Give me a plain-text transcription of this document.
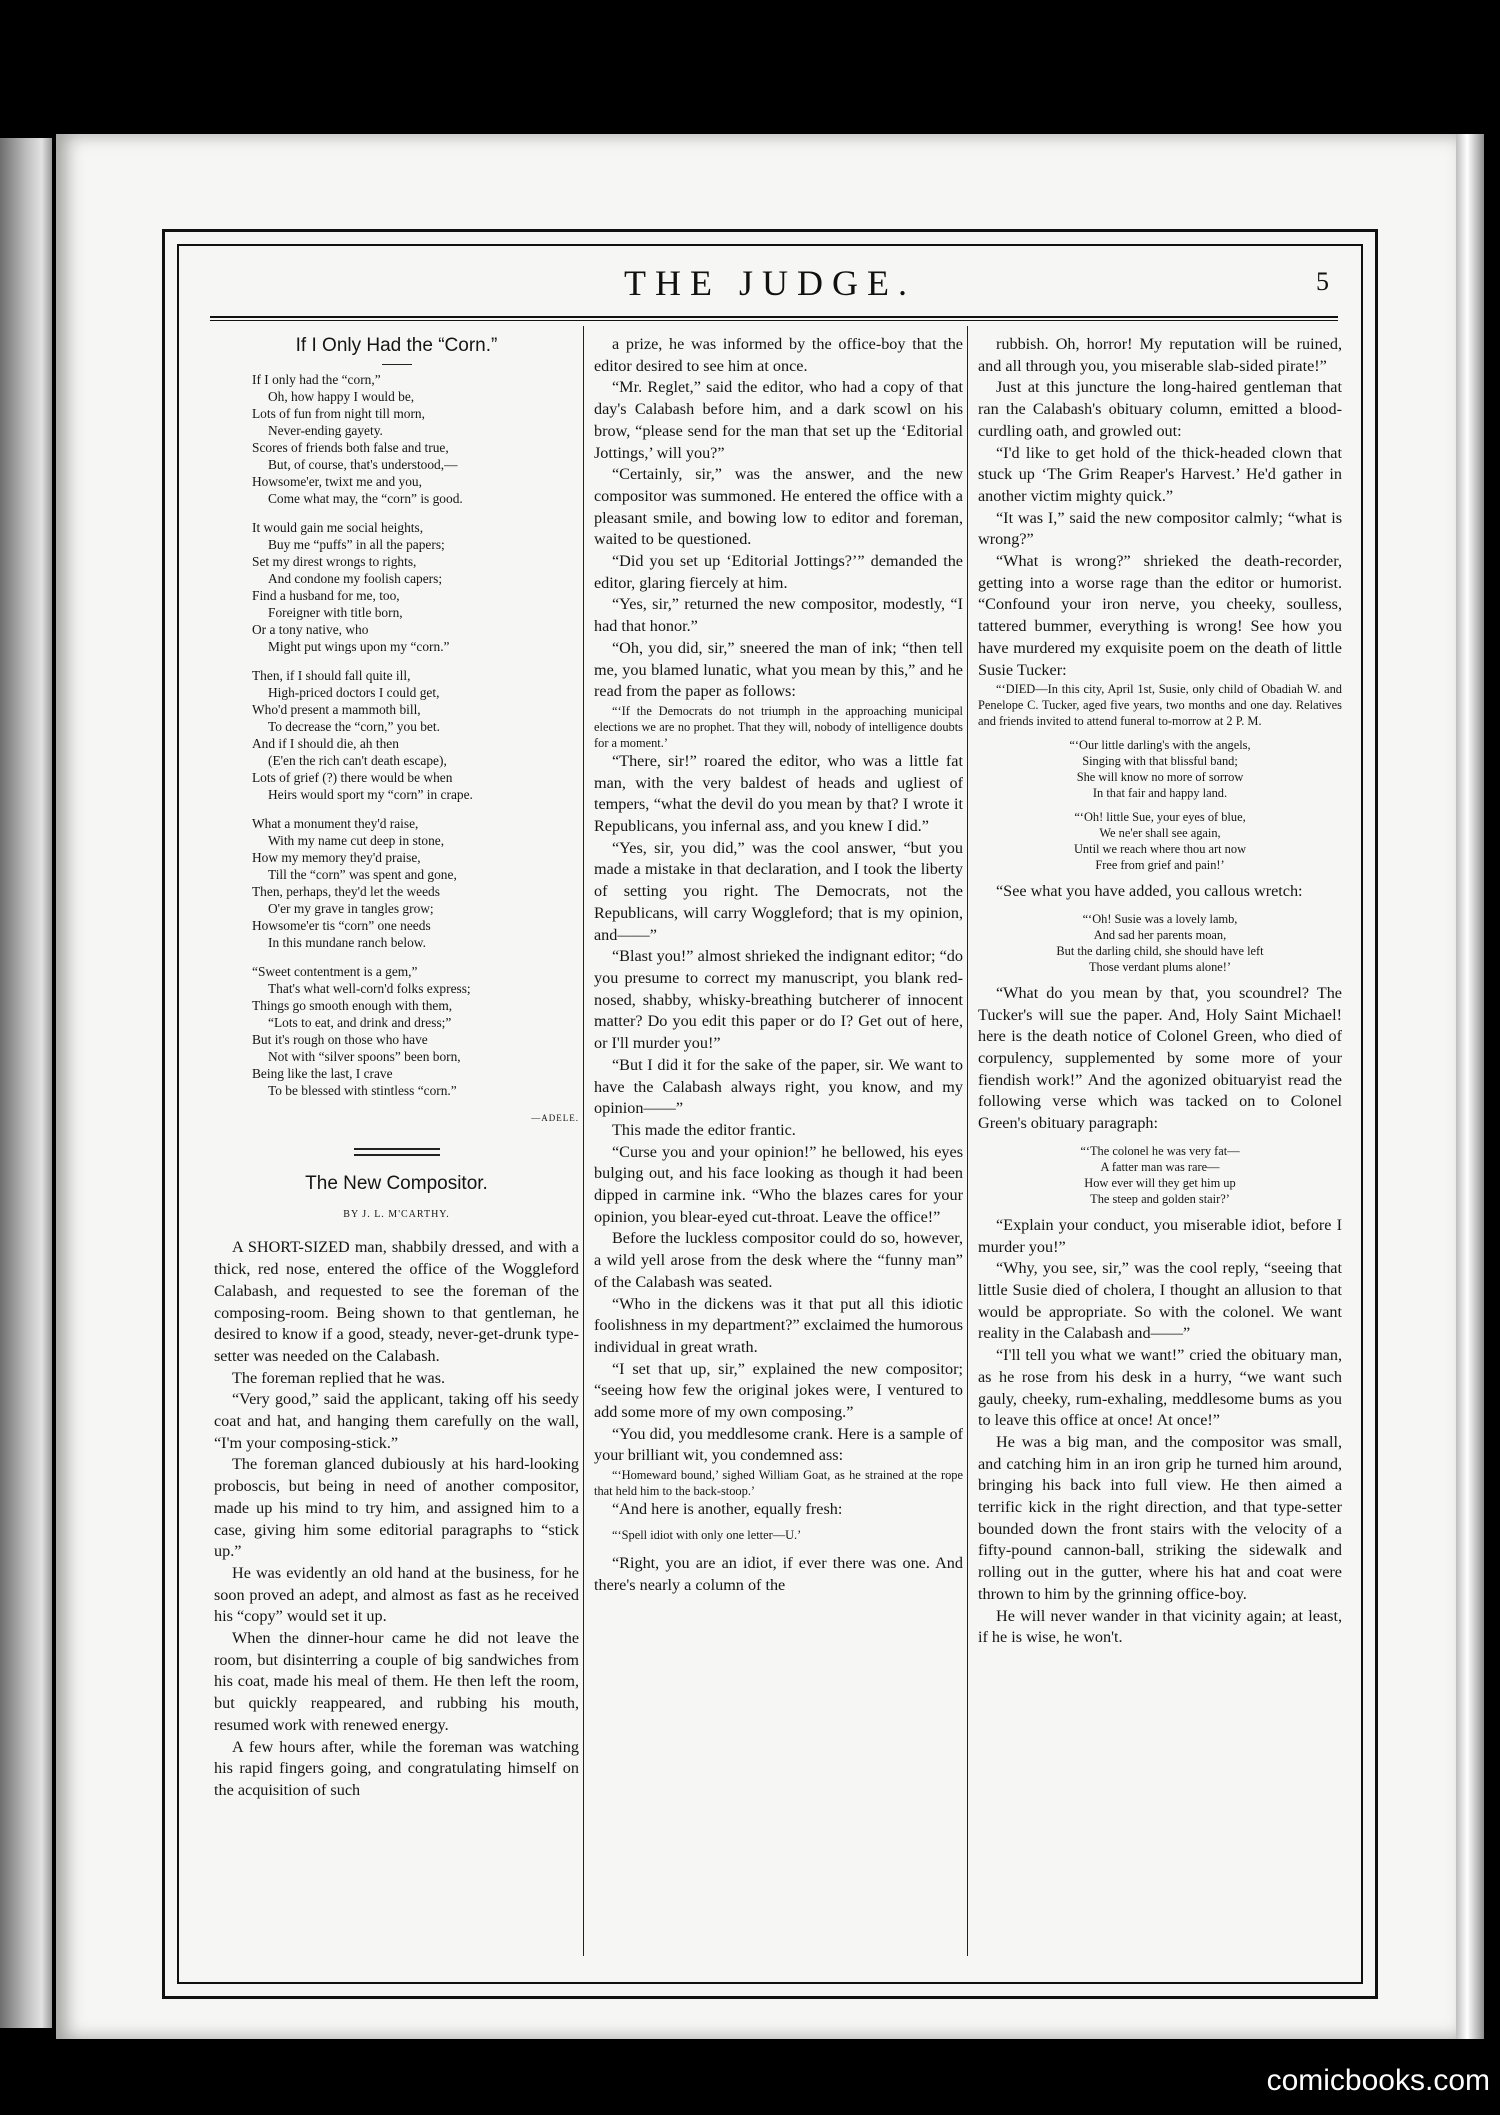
THE JUDGE.	5
If I Only Had the “Corn.”
If I only had the “corn,”
Oh, how happy I would be,
Lots of fun from night till morn,
Never-ending gayety.
Scores of friends both false and true,
But, of course, that's understood,—
Howsome'er, twixt me and you,
Come what may, the “corn” is good.
It would gain me social heights,
Buy me “puffs” in all the papers;
Set my direst wrongs to rights,
And condone my foolish capers;
Find a husband for me, too,
Foreigner with title born,
Or a tony native, who
Might put wings upon my “corn.”
Then, if I should fall quite ill,
High-priced doctors I could get,
Who'd present a mammoth bill,
To decrease the “corn,” you bet.
And if I should die, ah then
(E'en the rich can't death escape),
Lots of grief (?) there would be when
Heirs would sport my “corn” in crape.
What a monument they'd raise,
With my name cut deep in stone,
How my memory they'd praise,
Till the “corn” was spent and gone,
Then, perhaps, they'd let the weeds
O'er my grave in tangles grow;
Howsome'er tis “corn” one needs
In this mundane ranch below.
“Sweet contentment is a gem,”
That's what well-corn'd folks express;
Things go smooth enough with them,
“Lots to eat, and drink and dress;”
But it's rough on those who have
Not with “silver spoons” been born,
Being like the last, I crave
To be blessed with stintless “corn.”
—ADELE.
The New Compositor.
BY J. L. M'CARTHY.

A SHORT-SIZED man, shabbily dressed, and with a thick, red nose, entered the office of the Woggleford Calabash, and requested to see the foreman of the composing-room. Being shown to that gentleman, he desired to know if a good, steady, never-get-drunk type-setter was needed on the Calabash.

The foreman replied that he was.

“Very good,” said the applicant, taking off his seedy coat and hat, and hanging them carefully on the wall, “I'm your composing-stick.”

The foreman glanced dubiously at his hard-looking proboscis, but being in need of another compositor, made up his mind to try him, and assigned him to a case, giving him some editorial paragraphs to “stick up.”

He was evidently an old hand at the business, for he soon proved an adept, and almost as fast as he received his “copy” would set it up.

When the dinner-hour came he did not leave the room, but disinterring a couple of big sandwiches from his coat, made his meal of them. He then left the room, but quickly reappeared, and rubbing his mouth, resumed work with renewed energy.

A few hours after, while the foreman was watching his rapid fingers going, and congratulating himself on the acquisition of such

a prize, he was informed by the office-boy that the editor desired to see him at once.

“Mr. Reglet,” said the editor, who had a copy of that day's Calabash before him, and a dark scowl on his brow, “please send for the man that set up the ‘Editorial Jottings,’ will you?”

“Certainly, sir,” was the answer, and the new compositor was summoned. He entered the office with a pleasant smile, and bowing low to editor and foreman, waited to be questioned.

“Did you set up ‘Editorial Jottings?’” demanded the editor, glaring fiercely at him.

“Yes, sir,” returned the new compositor, modestly, “I had that honor.”

“Oh, you did, sir,” sneered the man of ink; “then tell me, you blamed lunatic, what you mean by this,” and he read from the paper as follows:

“‘If the Democrats do not triumph in the approaching municipal elections we are no prophet. That they will, nobody of intelligence doubts for a moment.’

“There, sir!” roared the editor, who was a little fat man, with the very baldest of heads and ugliest of tempers, “what the devil do you mean by that? I wrote it Republicans, you infernal ass, and you knew I did.”

“Yes, sir, you did,” was the cool answer, “but you made a mistake in that declaration, and I took the liberty of setting you right. The Democrats, not the Republicans, will carry Woggleford; that is my opinion, and——”

“Blast you!” almost shrieked the indignant editor; “do you presume to correct my manuscript, you blank red-nosed, shabby, whisky-breathing butcherer of innocent matter? Do you edit this paper or do I? Get out of here, or I'll murder you!”

“But I did it for the sake of the paper, sir. We want to have the Calabash always right, you know, and my opinion——”

This made the editor frantic.

“Curse you and your opinion!” he bellowed, his eyes bulging out, and his face looking as though it had been dipped in carmine ink. “Who the blazes cares for your opinion, you blear-eyed cut-throat. Leave the office!”

Before the luckless compositor could do so, however, a wild yell arose from the desk where the “funny man” of the Calabash was seated.

“Who in the dickens was it that put all this idiotic foolishness in my department?” exclaimed the humorous individual in great wrath.

“I set that up, sir,” explained the new compositor; “seeing how few the original jokes were, I ventured to add some more of my own composing.”

“You did, you meddlesome crank. Here is a sample of your brilliant wit, you condemned ass:

“‘Homeward bound,’ sighed William Goat, as he strained at the rope that held him to the back-stoop.’

“And here is another, equally fresh:

“‘Spell idiot with only one letter—U.’

“Right, you are an idiot, if ever there was one. And there's nearly a column of the

rubbish. Oh, horror! My reputation will be ruined, and all through you, you miserable slab-sided pirate!”

Just at this juncture the long-haired gentleman that ran the Calabash's obituary column, emitted a blood-curdling oath, and growled out:

“I'd like to get hold of the thick-headed clown that stuck up ‘The Grim Reaper's Harvest.’ He'd gather in another victim mighty quick.”

“It was I,” said the new compositor calmly; “what is wrong?”

“What is wrong?” shrieked the death-recorder, getting into a worse rage than the editor or humorist. “Confound your iron nerve, you cheeky, soulless, tattered bummer, everything is wrong! See how you have murdered my exquisite poem on the death of little Susie Tucker:

“‘DIED—In this city, April 1st, Susie, only child of Obadiah W. and Penelope C. Tucker, aged five years, two months and one day. Relatives and friends invited to attend funeral to-morrow at 2 P. M.

“‘Our little darling's with the angels,
Singing with that blissful band;
She will know no more of sorrow
In that fair and happy land.
“‘Oh! little Sue, your eyes of blue,
We ne'er shall see again,
Until we reach where thou art now
Free from grief and pain!’

“See what you have added, you callous wretch:

“‘Oh! Susie was a lovely lamb,
And sad her parents moan,
But the darling child, she should have left
Those verdant plums alone!’

“What do you mean by that, you scoundrel? The Tucker's will sue the paper. And, Holy Saint Michael! here is the death notice of Colonel Green, who died of corpulency, supplemented by some more of your fiendish work!” And the agonized obituaryist read the following verse which was tacked on to Colonel Green's obituary paragraph:

“‘The colonel he was very fat—
A fatter man was rare—
How ever will they get him up
The steep and golden stair?’

“Explain your conduct, you miserable idiot, before I murder you!”

“Why, you see, sir,” was the cool reply, “seeing that little Susie died of cholera, I thought an allusion to that would be appropriate. So with the colonel. We want reality in the Calabash and——”

“I'll tell you what we want!” cried the obituary man, as he rose from his desk in a hurry, “we want such gauly, cheeky, rum-exhaling, meddlesome bums as you to leave this office at once! At once!”

He was a big man, and the compositor was small, and catching him in an iron grip he turned him around, bringing his back into full view. He then aimed a terrific kick in the right direction, and that type-setter bounded down the front stairs with the velocity of a fifty-pound cannon-ball, striking the sidewalk and rolling out in the gutter, where his hat and coat were thrown to him by the grinning office-boy.

He will never wander in that vicinity again; at least, if he is wise, he won't.

comicbooks.com
